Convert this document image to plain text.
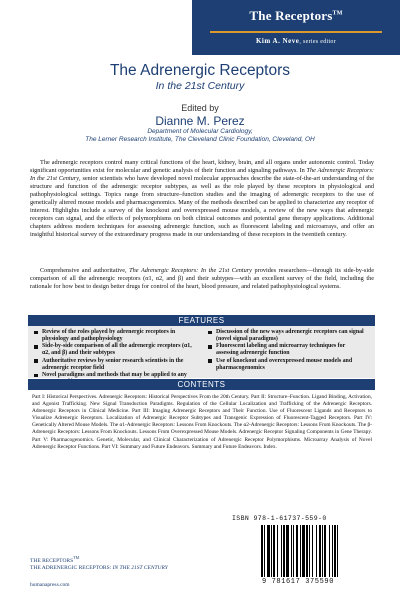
The Receptors™
Kim A. Neve, series editor
The Adrenergic Receptors
In the 21st Century
Edited by
Dianne M. Perez
Department of Molecular Cardiology,
The Lerner Research Institute, The Cleveland Clinic Foundation, Cleveland, OH

The adrenergic receptors control many critical functions of the heart, kidney, brain, and all organs under autonomic control. Today significant opportunities exist for molecular and genetic analysis of their function and signaling pathways. In The Adrenergic Receptors: In the 21st Century, senior scientists who have developed novel molecular approaches describe the state-of-the-art understanding of the structure and function of the adrenergic receptor subtypes, as well as the role played by these receptors in physiological and pathophysiological settings. Topics range from structure–function studies and the imaging of adrenergic receptors to the use of genetically altered mouse models and pharmacogenomics. Many of the methods described can be applied to characterize any receptor of interest. Highlights include a survey of the knockout and overexpressed mouse models, a review of the new ways that adrenergic receptors can signal, and the effects of polymorphisms on both clinical outcomes and potential gene therapy applications. Additional chapters address modern techniques for assessing adrenergic function, such as fluorescent labeling and microarrays, and offer an insightful historical survey of the extraordinary progress made in our understanding of these receptors in the twentieth century.

Comprehensive and authoritative, The Adrenergic Receptors: In the 21st Century provides researchers—through its side-by-side comparison of all the adrenergic receptors (α1, α2, and β) and their subtypes—with an excellent survey of the field, including the rationale for how best to design better drugs for control of the heart, blood pressure, and related pathophysiological systems.

FEATURES
Review of the roles played by adrenergic receptors in physiology and pathophysiology
Side-by-side comparison of all the adrenergic receptors (α1, α2, and β) and their subtypes
Authoritative reviews by senior research scientists in the adrenergic receptor field
Novel paradigms and methods that may be applied to any
Discussion of the new ways adrenergic receptors can signal (novel signal paradigms)
Fluorescent labeling and microarray techniques for assessing adrenergic function
Use of knockout and overexpressed mouse models and pharmacogenomics
CONTENTS

Part I: Historical Perspectives. Adrenergic Receptors: Historical Perspectives From the 20th Century. Part II: Structure–Function. Ligand Binding, Activation, and Agonist Trafficking. New Signal Transduction Paradigms. Regulation of the Cellular Localization and Trafficking of the Adrenergic Receptors. Adrenergic Receptors in Clinical Medicine. Part III: Imaging Adrenergic Receptors and Their Function. Use of Fluorescent Ligands and Receptors to Visualize Adrenergic Receptors. Localization of Adrenergic Receptor Subtypes and Transgenic Expression of Fluorescent-Tagged Receptors. Part IV: Genetically Altered Mouse Models. The α1-Adrenergic Receptors: Lessons From Knockouts. The α2-Adrenergic Receptors: Lessons From Knockouts. The β-Adrenergic Receptors: Lessons From Knockouts. Lessons From Overexpressed Mouse Models. Adrenergic Receptor Signaling Components in Gene Therapy. Part V: Pharmacogenomics. Genetic, Molecular, and Clinical Characterization of Adrenergic Receptor Polymorphisms. Microarray Analysis of Novel Adrenergic Receptor Functions. Part VI: Summary and Future Endeavors. Summary and Future Endeavors. Index.

ISBN 978-1-61737-559-0
9 781617 375590
THE RECEPTORS™
THE ADRENERGIC RECEPTORS: IN THE 21ST CENTURY
humanapress.com
